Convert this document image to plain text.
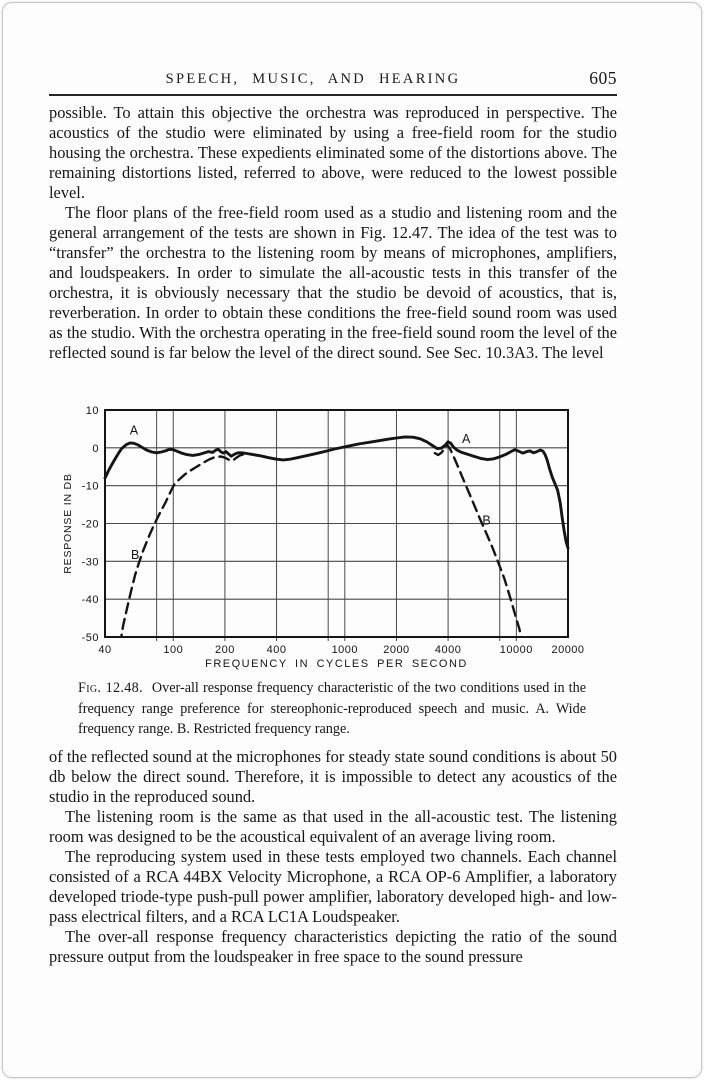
SPEECH, MUSIC, AND HEARING	605

possible. To attain this objective the orchestra was reproduced in perspective. The acoustics of the studio were eliminated by using a free-field room for the studio housing the orchestra. These expedients eliminated some of the distortions above. The remaining distortions listed, referred to above, were reduced to the lowest possible level.

The floor plans of the free-field room used as a studio and listening room and the general arrangement of the tests are shown in Fig. 12.47. The idea of the test was to “transfer” the orchestra to the listening room by means of microphones, amplifiers, and loudspeakers. In order to simulate the all-acoustic tests in this transfer of the orchestra, it is obviously necessary that the studio be devoid of acoustics, that is, reverberation. In order to obtain these conditions the free-field sound room was used as the studio. With the orchestra operating in the free-field sound room the level of the reflected sound is far below the level of the direct sound. See Sec. 10.3A3. The level

A
A
B
B
10
0
-10
-20
-30
-40
-50
40	100	200	400	1000 2000 4000	10000 20000
FREQUENCY IN CYCLES PER SECOND
RESPONSE IN DB
Fig. 12.48. Over-all response frequency characteristic of the two conditions used in the frequency range preference for stereophonic-reproduced speech and music. A. Wide frequency range. B. Restricted frequency range.

of the reflected sound at the microphones for steady state sound conditions is about 50 db below the direct sound. Therefore, it is impossible to detect any acoustics of the studio in the reproduced sound.

The listening room is the same as that used in the all-acoustic test. The listening room was designed to be the acoustical equivalent of an average living room.

The reproducing system used in these tests employed two channels. Each channel consisted of a RCA 44BX Velocity Microphone, a RCA OP-6 Amplifier, a laboratory developed triode-type push-pull power amplifier, laboratory developed high- and low-pass electrical filters, and a RCA LC1A Loudspeaker.

The over-all response frequency characteristics depicting the ratio of the sound pressure output from the loudspeaker in free space to the sound pressure
